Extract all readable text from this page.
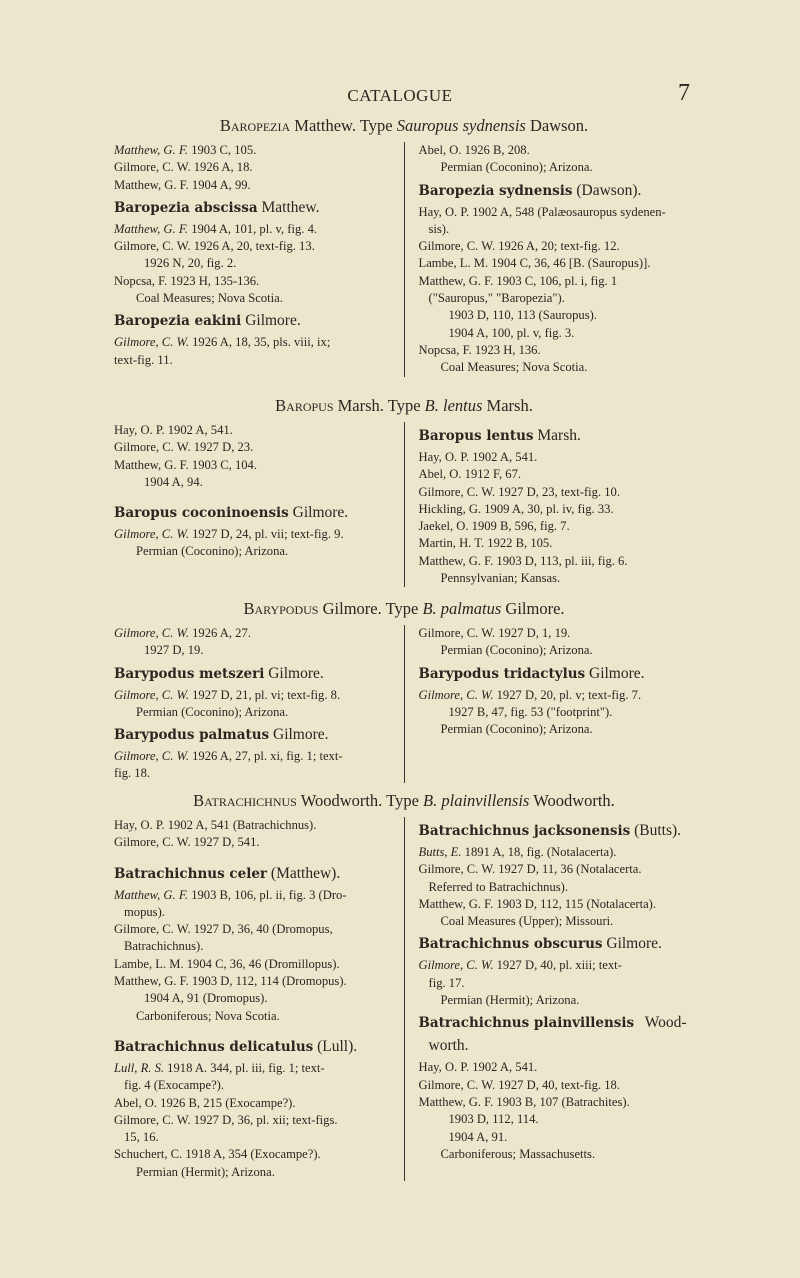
CATALOGUE	7
Baropezia Matthew. Type Sauropus sydnensis Dawson.
Matthew, G. F. 1903 C, 105.
Gilmore, C. W. 1926 A, 18.
Matthew, G. F. 1904 A, 99.
Baropezia abscissa Matthew.
Matthew, G. F. 1904 A, 101, pl. v, fig. 4.
Gilmore, C. W. 1926 A, 20, text-fig. 13.
1926 N, 20, fig. 2.
Nopcsa, F. 1923 H, 135-136.
Coal Measures; Nova Scotia.
Baropezia eakini Gilmore.
Gilmore, C. W. 1926 A, 18, 35, pls. viii, ix;
text-fig. 11.
Abel, O. 1926 B, 208.
Permian (Coconino); Arizona.
Baropezia sydnensis (Dawson).
Hay, O. P. 1902 A, 548 (Palæosauropus sydenen-
sis).
Gilmore, C. W. 1926 A, 20; text-fig. 12.
Lambe, L. M. 1904 C, 36, 46 [B. (Sauropus)].
Matthew, G. F. 1903 C, 106, pl. i, fig. 1
("Sauropus," "Baropezia").
1903 D, 110, 113 (Sauropus).
1904 A, 100, pl. v, fig. 3.
Nopcsa, F. 1923 H, 136.
Coal Measures; Nova Scotia.
Baropus Marsh. Type B. lentus Marsh.
Hay, O. P. 1902 A, 541.
Gilmore, C. W. 1927 D, 23.
Matthew, G. F. 1903 C, 104.
1904 A, 94.
Baropus coconinoensis Gilmore.
Gilmore, C. W. 1927 D, 24, pl. vii; text-fig. 9.
Permian (Coconino); Arizona.
Baropus lentus Marsh.
Hay, O. P. 1902 A, 541.
Abel, O. 1912 F, 67.
Gilmore, C. W. 1927 D, 23, text-fig. 10.
Hickling, G. 1909 A, 30, pl. iv, fig. 33.
Jaekel, O. 1909 B, 596, fig. 7.
Martin, H. T. 1922 B, 105.
Matthew, G. F. 1903 D, 113, pl. iii, fig. 6.
Pennsylvanian; Kansas.
Barypodus Gilmore. Type B. palmatus Gilmore.
Gilmore, C. W. 1926 A, 27.
1927 D, 19.
Barypodus metszeri Gilmore.
Gilmore, C. W. 1927 D, 21, pl. vi; text-fig. 8.
Permian (Coconino); Arizona.
Barypodus palmatus Gilmore.
Gilmore, C. W. 1926 A, 27, pl. xi, fig. 1; text-
fig. 18.
Gilmore, C. W. 1927 D, 1, 19.
Permian (Coconino); Arizona.
Barypodus tridactylus Gilmore.
Gilmore, C. W. 1927 D, 20, pl. v; text-fig. 7.
1927 B, 47, fig. 53 ("footprint").
Permian (Coconino); Arizona.
Batrachichnus Woodworth. Type B. plainvillensis Woodworth.
Hay, O. P. 1902 A, 541 (Batrachichnus).
Gilmore, C. W. 1927 D, 541.
Batrachichnus celer (Matthew).
Matthew, G. F. 1903 B, 106, pl. ii, fig. 3 (Dro-
mopus).
Gilmore, C. W. 1927 D, 36, 40 (Dromopus,
Batrachichnus).
Lambe, L. M. 1904 C, 36, 46 (Dromillopus).
Matthew, G. F. 1903 D, 112, 114 (Dromopus).
1904 A, 91 (Dromopus).
Carboniferous; Nova Scotia.
Batrachichnus delicatulus (Lull).
Lull, R. S. 1918 A. 344, pl. iii, fig. 1; text-
fig. 4 (Exocampe?).
Abel, O. 1926 B, 215 (Exocampe?).
Gilmore, C. W. 1927 D, 36, pl. xii; text-figs.
15, 16.
Schuchert, C. 1918 A, 354 (Exocampe?).
Permian (Hermit); Arizona.
Batrachichnus jacksonensis (Butts).
Butts, E. 1891 A, 18, fig. (Notalacerta).
Gilmore, C. W. 1927 D, 11, 36 (Notalacerta.
Referred to Batrachichnus).
Matthew, G. F. 1903 D, 112, 115 (Notalacerta).
Coal Measures (Upper); Missouri.
Batrachichnus obscurus Gilmore.
Gilmore, C. W. 1927 D, 40, pl. xiii; text-
fig. 17.
Permian (Hermit); Arizona.
Batrachichnus plainvillensis Wood-
worth.
Hay, O. P. 1902 A, 541.
Gilmore, C. W. 1927 D, 40, text-fig. 18.
Matthew, G. F. 1903 B, 107 (Batrachites).
1903 D, 112, 114.
1904 A, 91.
Carboniferous; Massachusetts.
